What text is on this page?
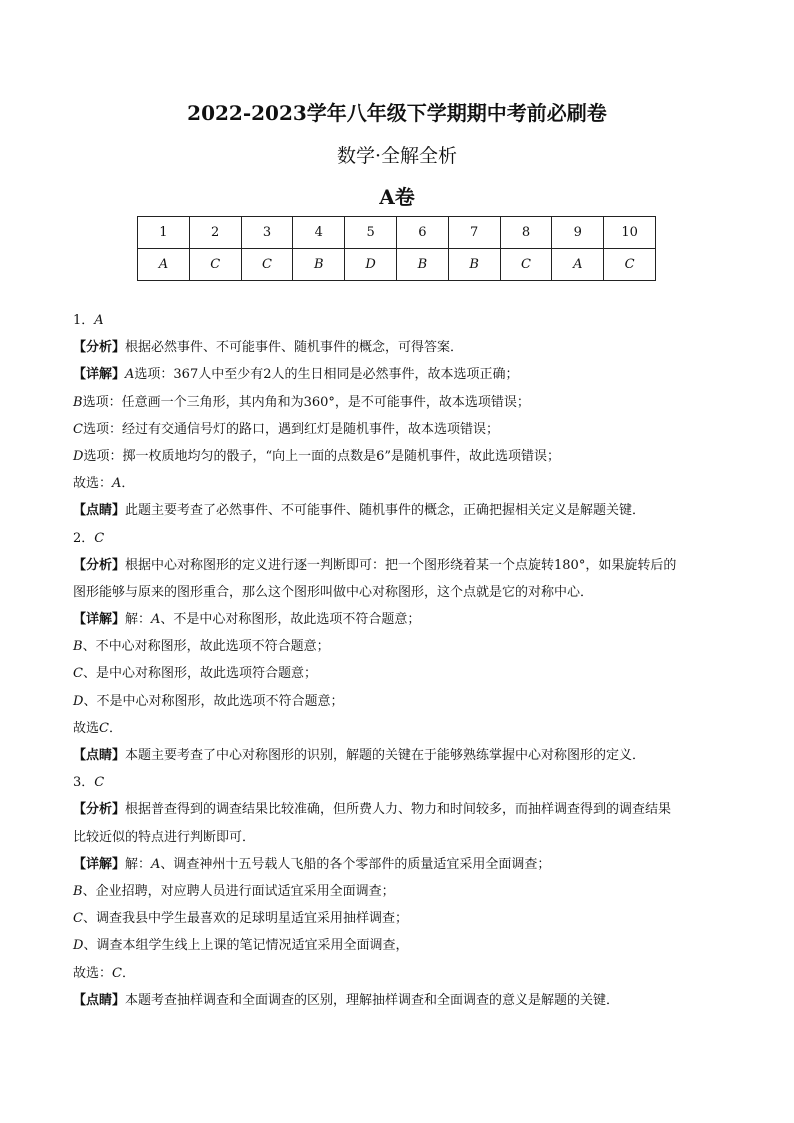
2022-2023学年八年级下学期期中考前必刷卷
数学·全解全析
A卷
1	2	3	4	5	6	7	8	9	10
A	C	C	B	D	B	B	C	A	C
1．A
【分析】根据必然事件、不可能事件、随机事件的概念，可得答案．
【详解】A选项：367人中至少有2人的生日相同是必然事件，故本选项正确；
B选项：任意画一个三角形，其内角和为360°，是不可能事件，故本选项错误；
C选项：经过有交通信号灯的路口，遇到红灯是随机事件，故本选项错误；
D选项：掷一枚质地均匀的骰子，“向上一面的点数是6”是随机事件，故此选项错误；
故选：A．
【点睛】此题主要考查了必然事件、不可能事件、随机事件的概念，正确把握相关定义是解题关键．
2．C
【分析】根据中心对称图形的定义进行逐一判断即可：把一个图形绕着某一个点旋转180°，如果旋转后的
图形能够与原来的图形重合，那么这个图形叫做中心对称图形，这个点就是它的对称中心．
【详解】解：A、不是中心对称图形，故此选项不符合题意；
B、不中心对称图形，故此选项不符合题意；
C、是中心对称图形，故此选项符合题意；
D、不是中心对称图形，故此选项不符合题意；
故选C．
【点睛】本题主要考查了中心对称图形的识别，解题的关键在于能够熟练掌握中心对称图形的定义．
3．C
【分析】根据普查得到的调查结果比较准确，但所费人力、物力和时间较多，而抽样调查得到的调查结果
比较近似的特点进行判断即可．
【详解】解：A、调查神州十五号载人飞船的各个零部件的质量适宜采用全面调查；
B、企业招聘，对应聘人员进行面试适宜采用全面调查；
C、调查我县中学生最喜欢的足球明星适宜采用抽样调查；
D、调查本组学生线上上课的笔记情况适宜采用全面调查，
故选：C．
【点睛】本题考查抽样调查和全面调查的区别，理解抽样调查和全面调查的意义是解题的关键．
